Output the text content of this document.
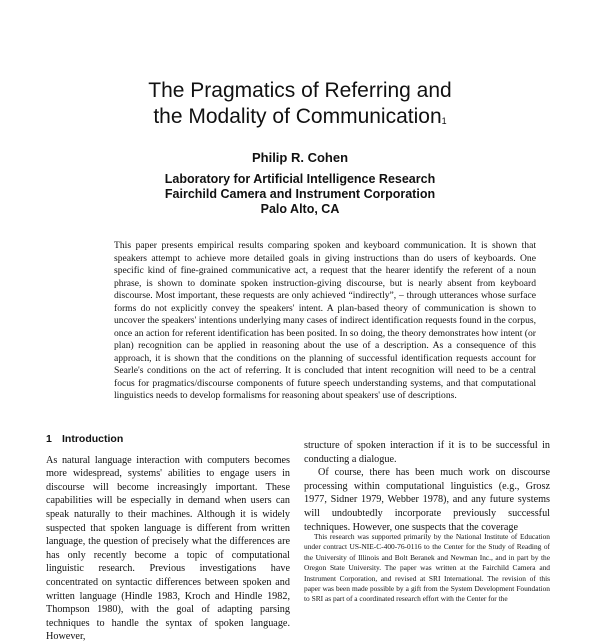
The Pragmatics of Referring and
the Modality of Communication$^1$
Philip R. Cohen
Laboratory for Artificial Intelligence Research
Fairchild Camera and Instrument Corporation
Palo Alto, CA

This paper presents empirical results comparing spoken and keyboard communication. It is shown that speakers attempt to achieve more detailed goals in giving instructions than do users of keyboards. One specific kind of fine-grained communicative act, a request that the hearer identify the referent of a noun phrase, is shown to dominate spoken instruction-giving discourse, but is nearly absent from keyboard discourse. Most important, these requests are only achieved “indirectly”, – through utterances whose surface forms do not explicitly convey the speakers' intent. A plan-based theory of communication is shown to uncover the speakers' intentions underlying many cases of indirect identification requests found in the corpus, once an action for referent identification has been posited. In so doing, the theory demonstrates how intent (or plan) recognition can be applied in reasoning about the use of a description. As a consequence of this approach, it is shown that the conditions on the planning of successful identification requests account for Searle's conditions on the act of referring. It is concluded that intent recognition will need to be a central focus for pragmatics/discourse components of future speech understanding systems, and that computational linguistics needs to develop formalisms for reasoning about speakers' use of descriptions.

1 Introduction

As natural language interaction with computers becomes more widespread, systems' abilities to engage users in discourse will become increasingly important. These capabilities will be especially in demand when users can speak naturally to their machines. Although it is widely suspected that spoken language is different from written language, the question of precisely what the differences are has only recently become a topic of computational linguistic research. Previous investigations have concentrated on syntactic differences between spoken and written language (Hindle 1983, Kroch and Hindle 1982, Thompson 1980), with the goal of adapting parsing techniques to handle the syntax of spoken language. However,

structure of spoken interaction if it is to be successful in conducting a dialogue.

Of course, there has been much work on discourse processing within computational linguistics (e.g., Grosz 1977, Sidner 1979, Webber 1978), and any future systems will undoubtedly incorporate previously successful techniques. However, one suspects that the coverage

This research was supported primarily by the National Institute of Education under contract US-NIE-C-400-76-0116 to the Center for the Study of Reading of the University of Illinois and Bolt Beranek and Newman Inc., and in part by the Oregon State University. The paper was written at the Fairchild Camera and Instrument Corporation, and revised at SRI International. The revision of this paper was been made possible by a gift from the System Development Foundation to SRI as part of a coordinated research effort with the Center for the
